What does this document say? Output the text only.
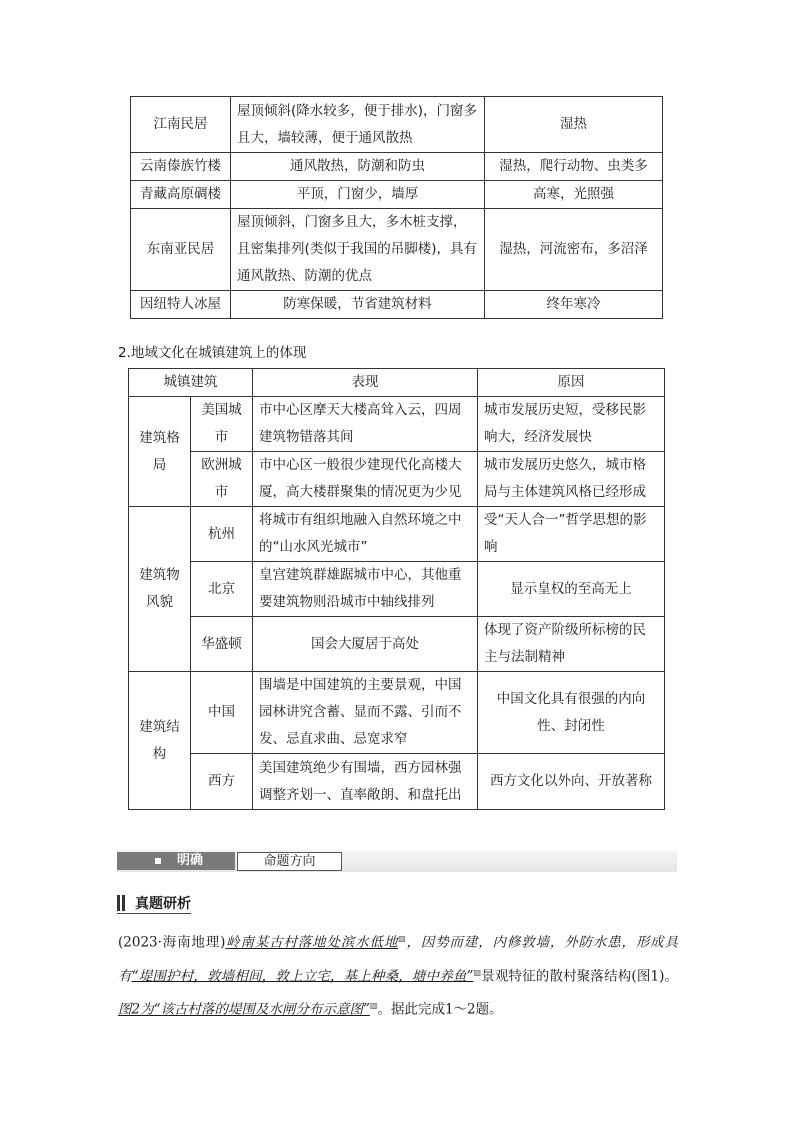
江南民居	屋顶倾斜(降水较多，便于排水)，门窗多且大，墙较薄，便于通风散热	湿热
云南傣族竹楼	通风散热，防潮和防虫	湿热，爬行动物、虫类多
青藏高原碉楼	平顶，门窗少，墙厚	高寒，光照强
东南亚民居	屋顶倾斜，门窗多且大，多木桩支撑，且密集排列(类似于我国的吊脚楼)，具有通风散热、防潮的优点	湿热，河流密布，多沼泽
因纽特人冰屋	防寒保暖，节省建筑材料	终年寒冷
2.地域文化在城镇建筑上的体现
城镇建筑		表现	原因
建筑格局	美国城市	市中心区摩天大楼高耸入云，四周建筑物错落其间	城市发展历史短，受移民影响大，经济发展快
	欧洲城市	市中心区一般很少建现代化高楼大厦，高大楼群聚集的情况更为少见	城市发展历史悠久，城市格局与主体建筑风格已经形成
建筑物风貌	杭州	将城市有组织地融入自然环境之中的“山水风光城市”	受“天人合一”哲学思想的影响
	北京	皇宫建筑群雄踞城市中心，其他重要建筑物则沿城市中轴线排列	显示皇权的至高无上
	华盛顿	国会大厦居于高处	体现了资产阶级所标榜的民主与法制精神
建筑结构	中国	围墙是中国建筑的主要景观，中国园林讲究含蓄、显而不露、引而不发、忌直求曲、忌宽求窄	中国文化具有很强的内向性、封闭性
	西方	美国建筑绝少有围墙，西方园林强调整齐划一、直率敞朗、和盘托出	西方文化以外向、开放著称
明确	命题方向
真题研析
(2023·海南地理)岭南某古村落地处滨水低地▨，因势而建，内修敦墙，外防水患，形成具有“堤围护村，敦墙相间，敦上立宅，基上种桑，塘中养鱼”▨景观特征的散村聚落结构(图1)。图2为“该古村落的堤围及水闸分布示意图”▨。据此完成1～2题。
